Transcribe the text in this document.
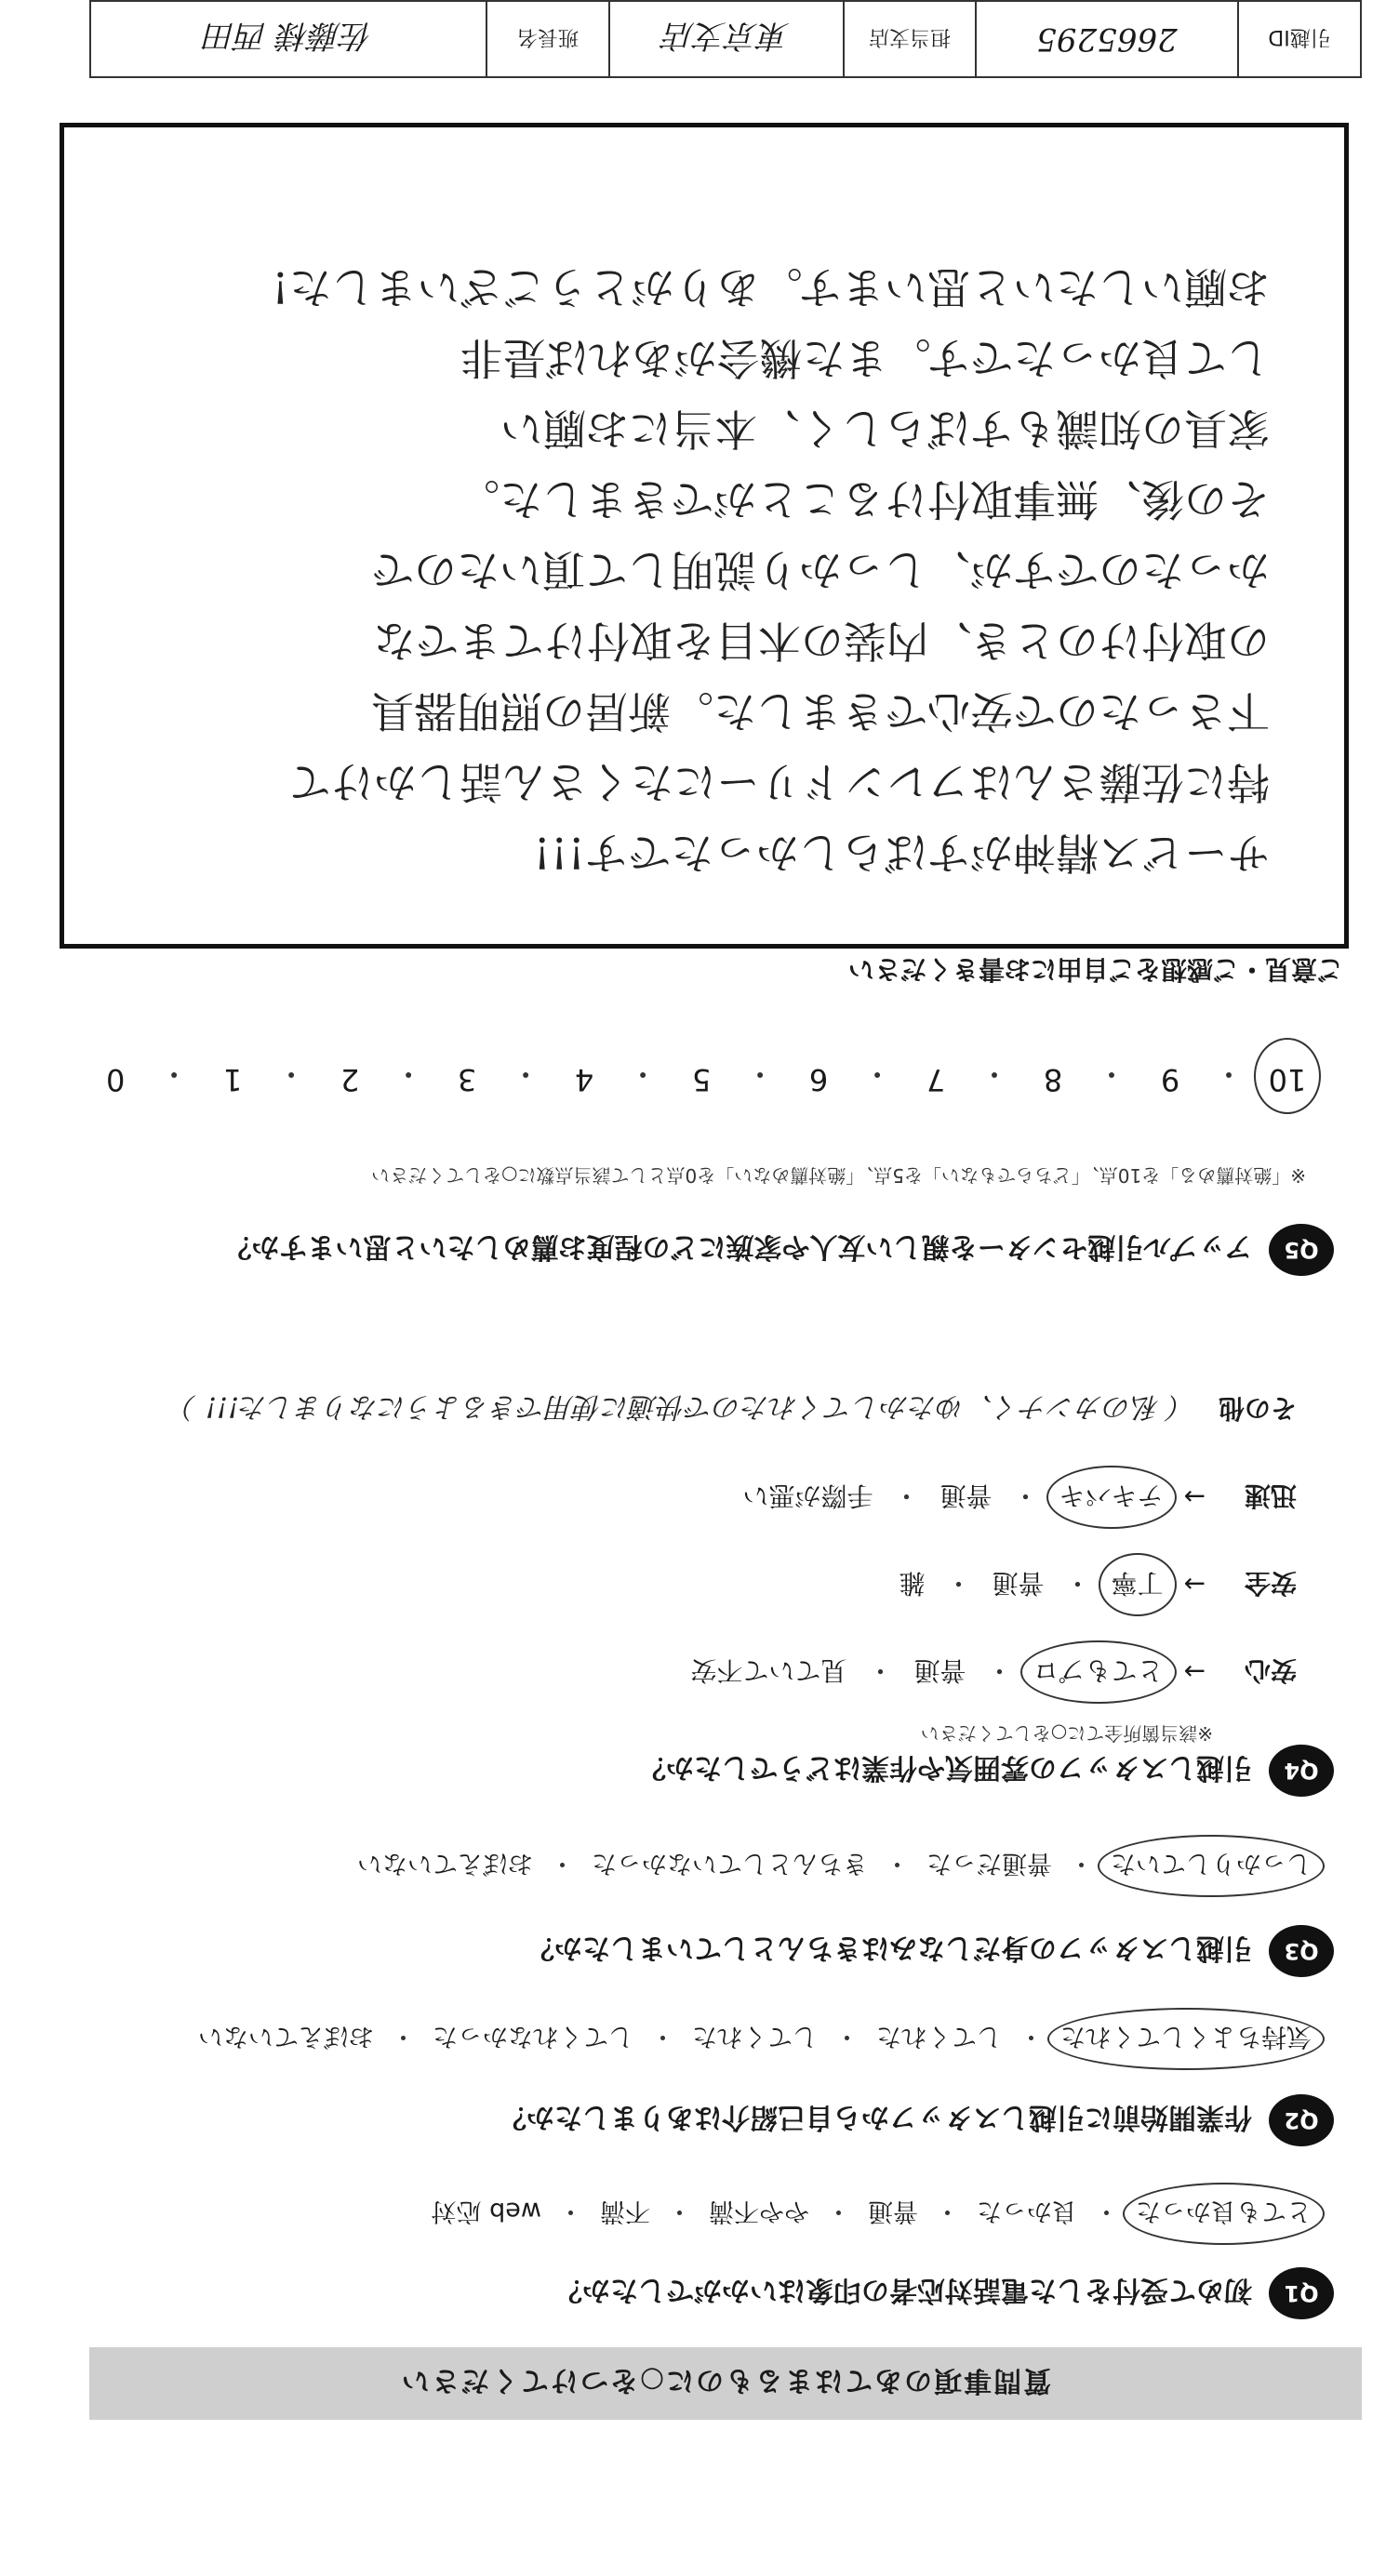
質問事項のあてはまるものに○をつけてください
Q1
初めて受付をした電話対応者の印象はいかがでしたか？
とても良かった
・
良かった
・
普通
・
やや不満
・
不満
・
web 応対
Q2
作業開始前に引越しスタッフから自己紹介はありましたか？
気持ちよくしてくれた
・
してくれた
・
してくれた
・
してくれなかった
・
おぼえていない
Q3
引越しスタッフの身だしなみはきちんとしていましたか？
しっかりしていた
・
普通だった
・
きちんとしていなかった
・
おぼえていない
Q4
引越しスタッフの雰囲気や作業はどうでしたか？
※該当箇所全てに○をしてください
安心
→
とてもプロ
・
普通
・
見ていて不安
安全
→
丁寧
・
普通
・
雑
迅速
→
テキパキ
・
普通
・
手際が悪い
その他
（ 私のカンナく、ゆたかしてくれたので快適に使用できるようになりました!!! ）
Q5
アップル引越センターを親しい友人や家族にどの程度お薦めしたいと思いますか？
※「絶対薦める」を10点、「どちらでもない」を5点、「絶対薦めない」を0点として該当点数に○をしてください
10
・
9
・
8
・
7
・
6
・
5
・
4
・
3
・
2
・
1
・
0
ご意見・ご感想をご自由にお書きください
サービス精神がすばらしかったです!!!
特に佐藤さんはフレンドリーにたくさん話しかけて
下さったので安心できました。新居の照明器具
の取付けのとき、内装の木目を取付けてまでな
かったのですが、しっかり説明して頂いたので
その後、無事取付けることができました。
家具の知識もすばらしく、本当にお願い
して良かったです。また機会があれば是非
お願いしたいと思います。ありがとうございました!
引越ID
2665295
担当支店
東京支店
班長名
佐藤様 西田
